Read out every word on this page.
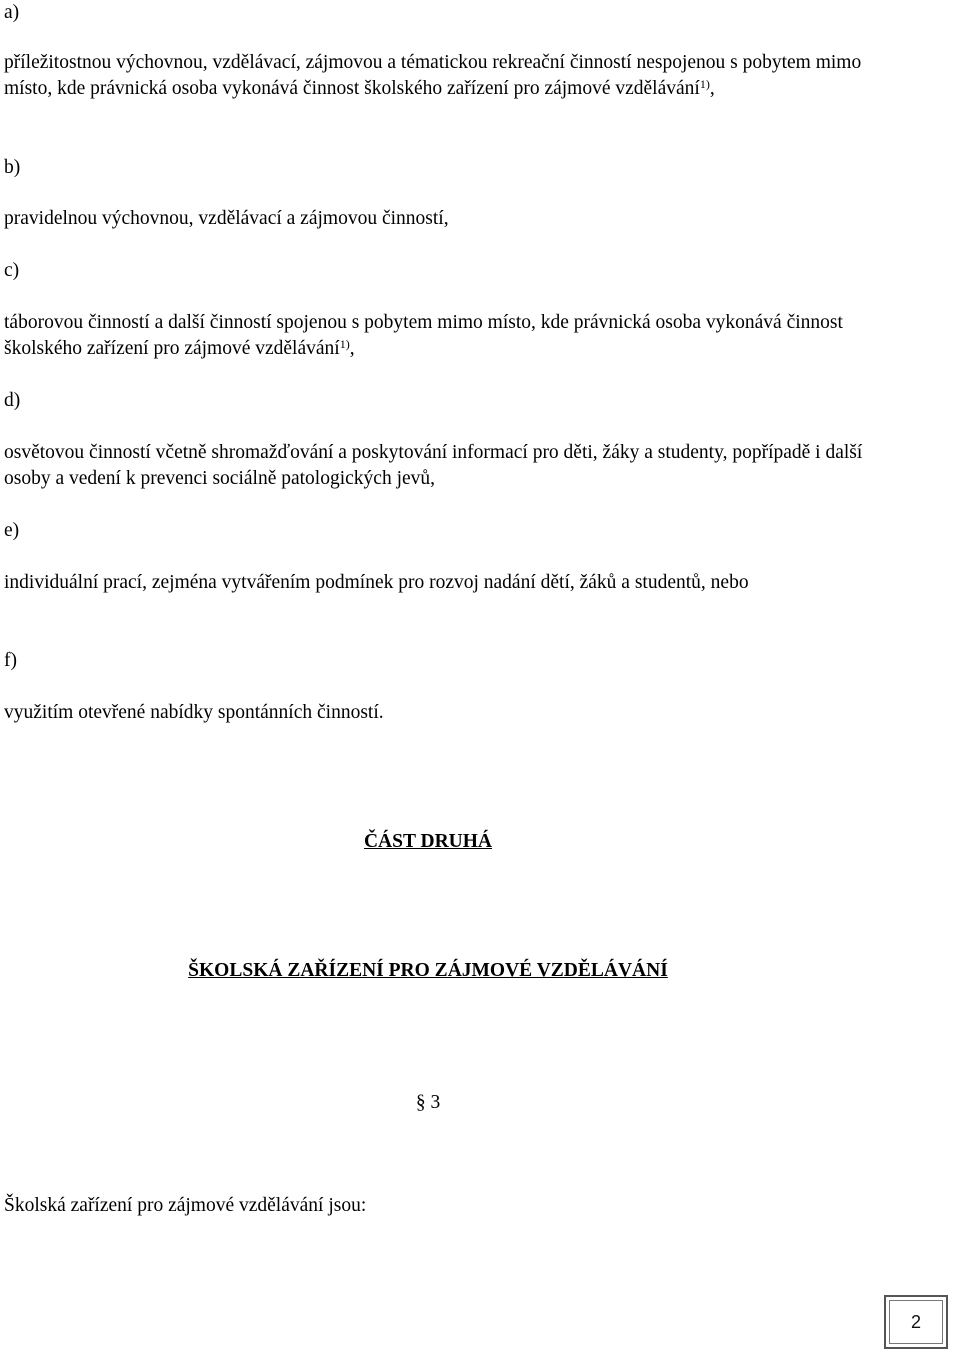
a)

příležitostnou výchovnou, vzdělávací, zájmovou a tématickou rekreační činností nespojenou s pobytem mimo místo, kde právnická osoba vykonává činnost školského zařízení pro zájmové vzdělávání$^{1)}$,

b)

pravidelnou výchovnou, vzdělávací a zájmovou činností,

c)

táborovou činností a další činností spojenou s pobytem mimo místo, kde právnická osoba vykonává činnost školského zařízení pro zájmové vzdělávání$^{1)}$,

d)

osvětovou činností včetně shromažďování a poskytování informací pro děti, žáky a studenty, popřípadě i další osoby a vedení k prevenci sociálně patologických jevů,

e)

individuální prací, zejména vytvářením podmínek pro rozvoj nadání dětí, žáků a studentů, nebo

f)

využitím otevřené nabídky spontánních činností.

ČÁST DRUHÁ

ŠKOLSKÁ ZAŘÍZENÍ PRO ZÁJMOVÉ VZDĚLÁVÁNÍ

§ 3

Školská zařízení pro zájmové vzdělávání jsou:

2
